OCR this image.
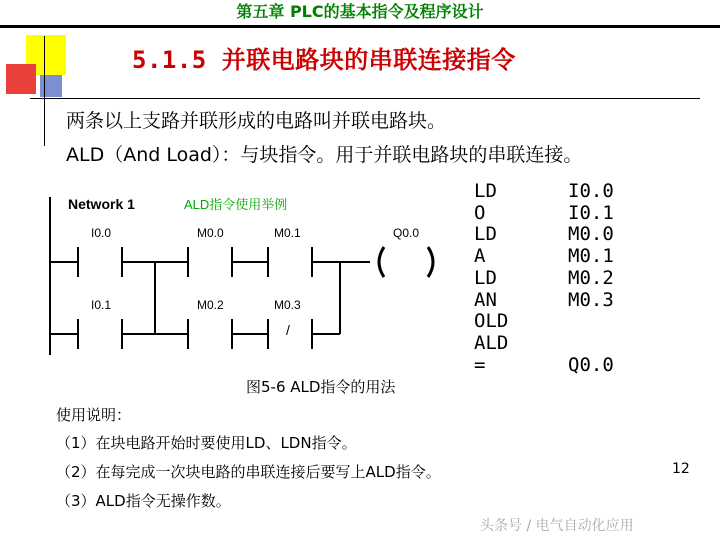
第五章 PLC的基本指令及程序设计
5.1.5 并联电路块的串联连接指令
两条以上支路并联形成的电路叫并联电路块。
ALD（And Load）：与块指令。用于并联电路块的串联连接。
Network 1	ALD指令使用举例
I0.0	M0.0	M0.1	Q0.0
I0.1	M0.2	M0.3
/
LD	I0.0
O	I0.1
LD	M0.0
A	M0.1
LD	M0.2
AN	M0.3
OLD
ALD
=	Q0.0
图5-6 ALD指令的用法
使用说明：
（1）在块电路开始时要使用LD、LDN指令。
（2）在每完成一次块电路的串联连接后要写上ALD指令。
（3）ALD指令无操作数。
12
头条号 / 电气自动化应用
